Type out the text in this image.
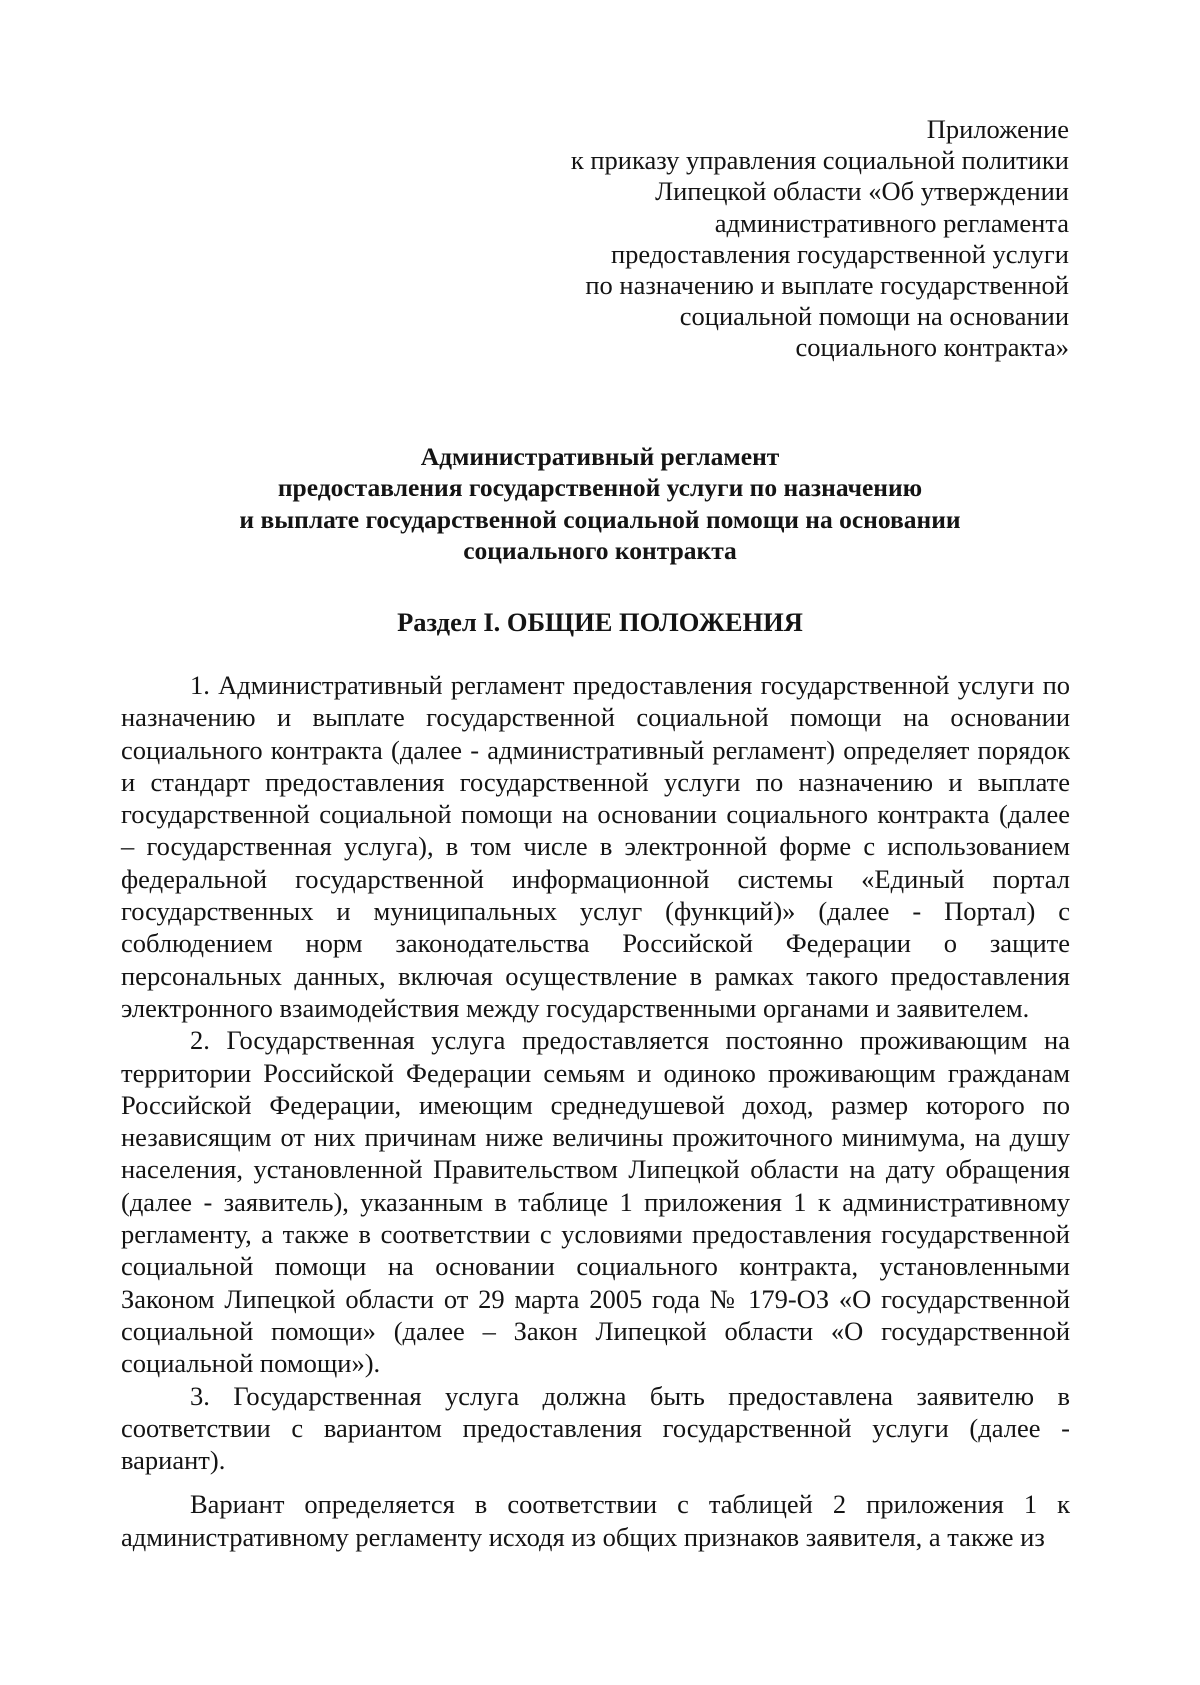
Приложение
к приказу управления социальной политики
Липецкой области «Об утверждении
административного регламента
предоставления государственной услуги
по назначению и выплате государственной
социальной помощи на основании
социального контракта»
Административный регламент
предоставления государственной услуги по назначению
и выплате государственной социальной помощи на основании
социального контракта
Раздел I. ОБЩИЕ ПОЛОЖЕНИЯ

1. Административный регламент предоставления государственной услуги по назначению и выплате государственной социальной помощи на основании социального контракта (далее - административный регламент) определяет порядок и стандарт предоставления государственной услуги по назначению и выплате государственной социальной помощи на основании социального контракта (далее – государственная услуга), в том числе в электронной форме с использованием федеральной государственной информационной системы «Единый портал государственных и муниципальных услуг (функций)» (далее - Портал) с соблюдением норм законодательства Российской Федерации о защите персональных данных, включая осуществление в рамках такого предоставления электронного взаимодействия между государственными органами и заявителем.

2. Государственная услуга предоставляется постоянно проживающим на территории Российской Федерации семьям и одиноко проживающим гражданам Российской Федерации, имеющим среднедушевой доход, размер которого по независящим от них причинам ниже величины прожиточного минимума, на душу населения, установленной Правительством Липецкой области на дату обращения (далее - заявитель), указанным в таблице 1 приложения 1 к административному регламенту, а также в соответствии с условиями предоставления государственной социальной помощи на основании социального контракта, установленными Законом Липецкой области от 29 марта 2005 года № 179-ОЗ «О государственной социальной помощи» (далее – Закон Липецкой области «О государственной социальной помощи»).

3. Государственная услуга должна быть предоставлена заявителю в соответствии с вариантом предоставления государственной услуги (далее - вариант).

Вариант определяется в соответствии с таблицей 2 приложения 1 к административному регламенту исходя из общих признаков заявителя, а также из
